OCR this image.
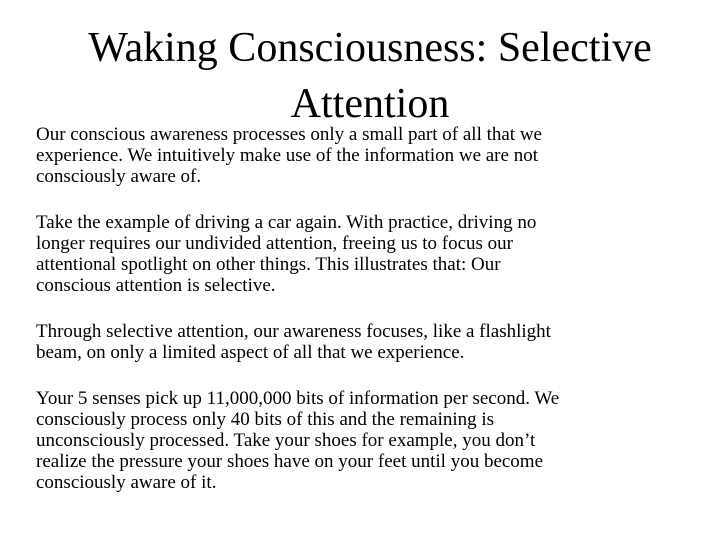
Waking Consciousness: Selective
Attention

Our conscious awareness processes only a small part of all that we
experience. We intuitively make use of the information we are not
consciously aware of.

Take the example of driving a car again. With practice, driving no
longer requires our undivided attention, freeing us to focus our
attentional spotlight on other things. This illustrates that: Our
conscious attention is selective.

Through selective attention, our awareness focuses, like a flashlight
beam, on only a limited aspect of all that we experience.

Your 5 senses pick up 11,000,000 bits of information per second. We
consciously process only 40 bits of this and the remaining is
unconsciously processed. Take your shoes for example, you don’t
realize the pressure your shoes have on your feet until you become
consciously aware of it.
